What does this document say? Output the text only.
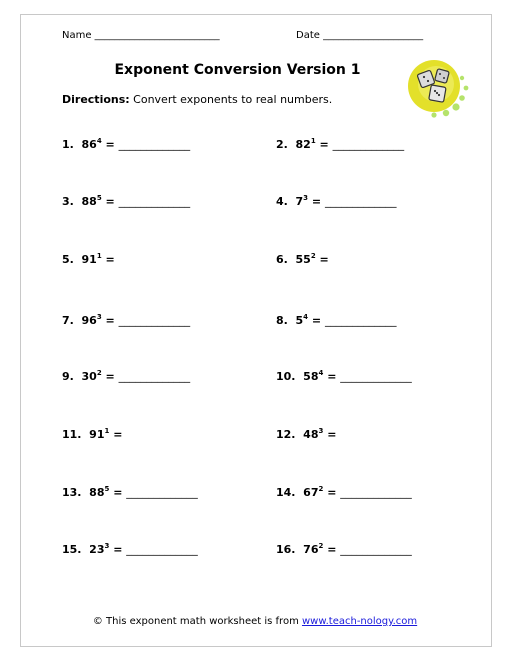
Name _________________________	Date ____________________
Exponent Conversion Version 1
Directions: Convert exponents to real numbers.
1. $86^4$ = _____________	2. $82^1$ = _____________
3. $88^5$ = _____________	4. $7^3$ = _____________
5. $91^1$ =	6. $55^2$ =
7. $96^3$ = _____________	8. $5^4$ = _____________
9. $30^2$ = _____________	10. $58^4$ = _____________
11. $91^1$ =	12. $48^3$ =
13. $88^5$ = _____________	14. $67^2$ = _____________
15. $23^3$ = _____________	16. $76^2$ = _____________
© This exponent math worksheet is from www.teach-nology.com
